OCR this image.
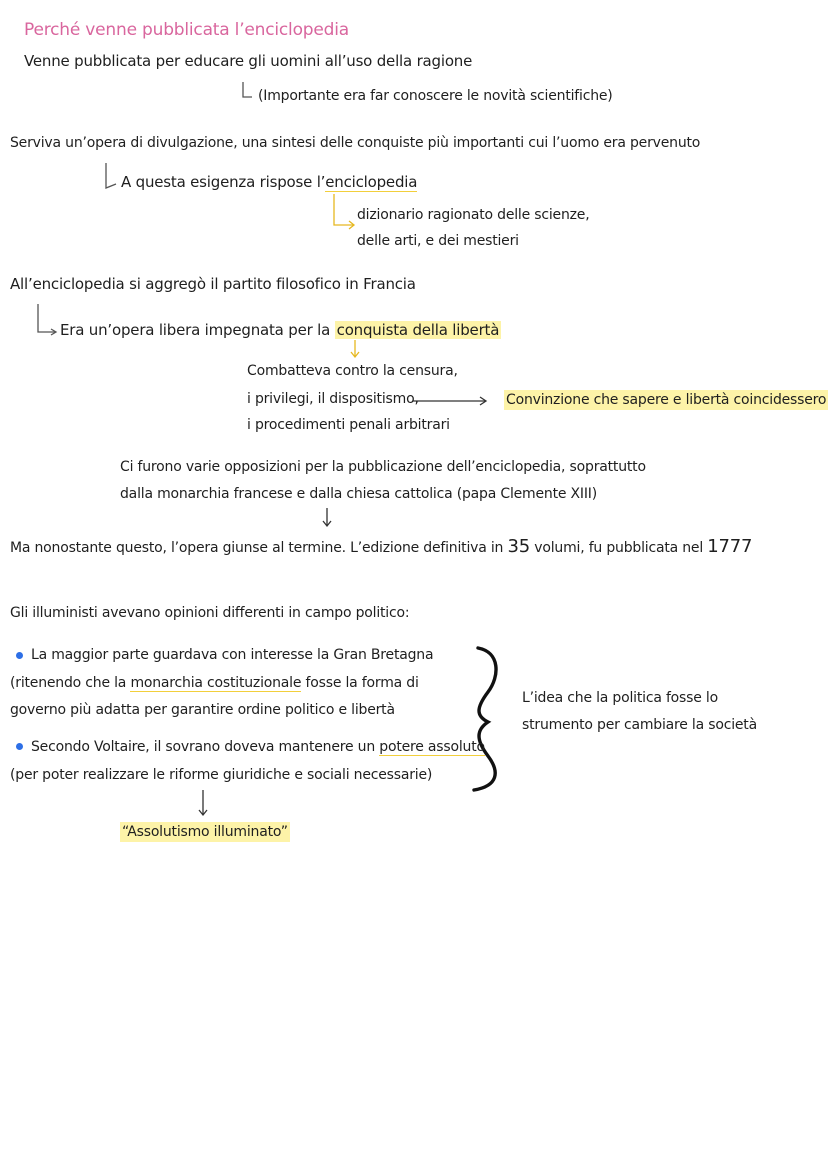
Perché venne pubblicata l’enciclopedia
Venne pubblicata per educare gli uomini all’uso della ragione
(Importante era far conoscere le novità scientifiche)
Serviva un’opera di divulgazione, una sintesi delle conquiste più importanti cui l’uomo era pervenuto
A questa esigenza rispose l’enciclopedia
dizionario ragionato delle scienze,
delle arti, e dei mestieri
All’enciclopedia si aggregò il partito filosofico in Francia
Era un’opera libera impegnata per la conquista della libertà
Combatteva contro la censura,
i privilegi, il dispositismo,
i procedimenti penali arbitrari
Convinzione che sapere e libertà coincidessero
Ci furono varie opposizioni per la pubblicazione dell’enciclopedia, soprattutto
dalla monarchia francese e dalla chiesa cattolica (papa Clemente XIII)
Ma nonostante questo, l’opera giunse al termine. L’edizione definitiva in 35 volumi, fu pubblicata nel 1777
Gli illuministi avevano opinioni differenti in campo politico:
La maggior parte guardava con interesse la Gran Bretagna
(ritenendo che la monarchia costituzionale fosse la forma di
governo più adatta per garantire ordine politico e libertà
Secondo Voltaire, il sovrano doveva mantenere un potere assoluto
(per poter realizzare le riforme giuridiche e sociali necessarie)
“Assolutismo illuminato”
L’idea che la politica fosse lo
strumento per cambiare la società
